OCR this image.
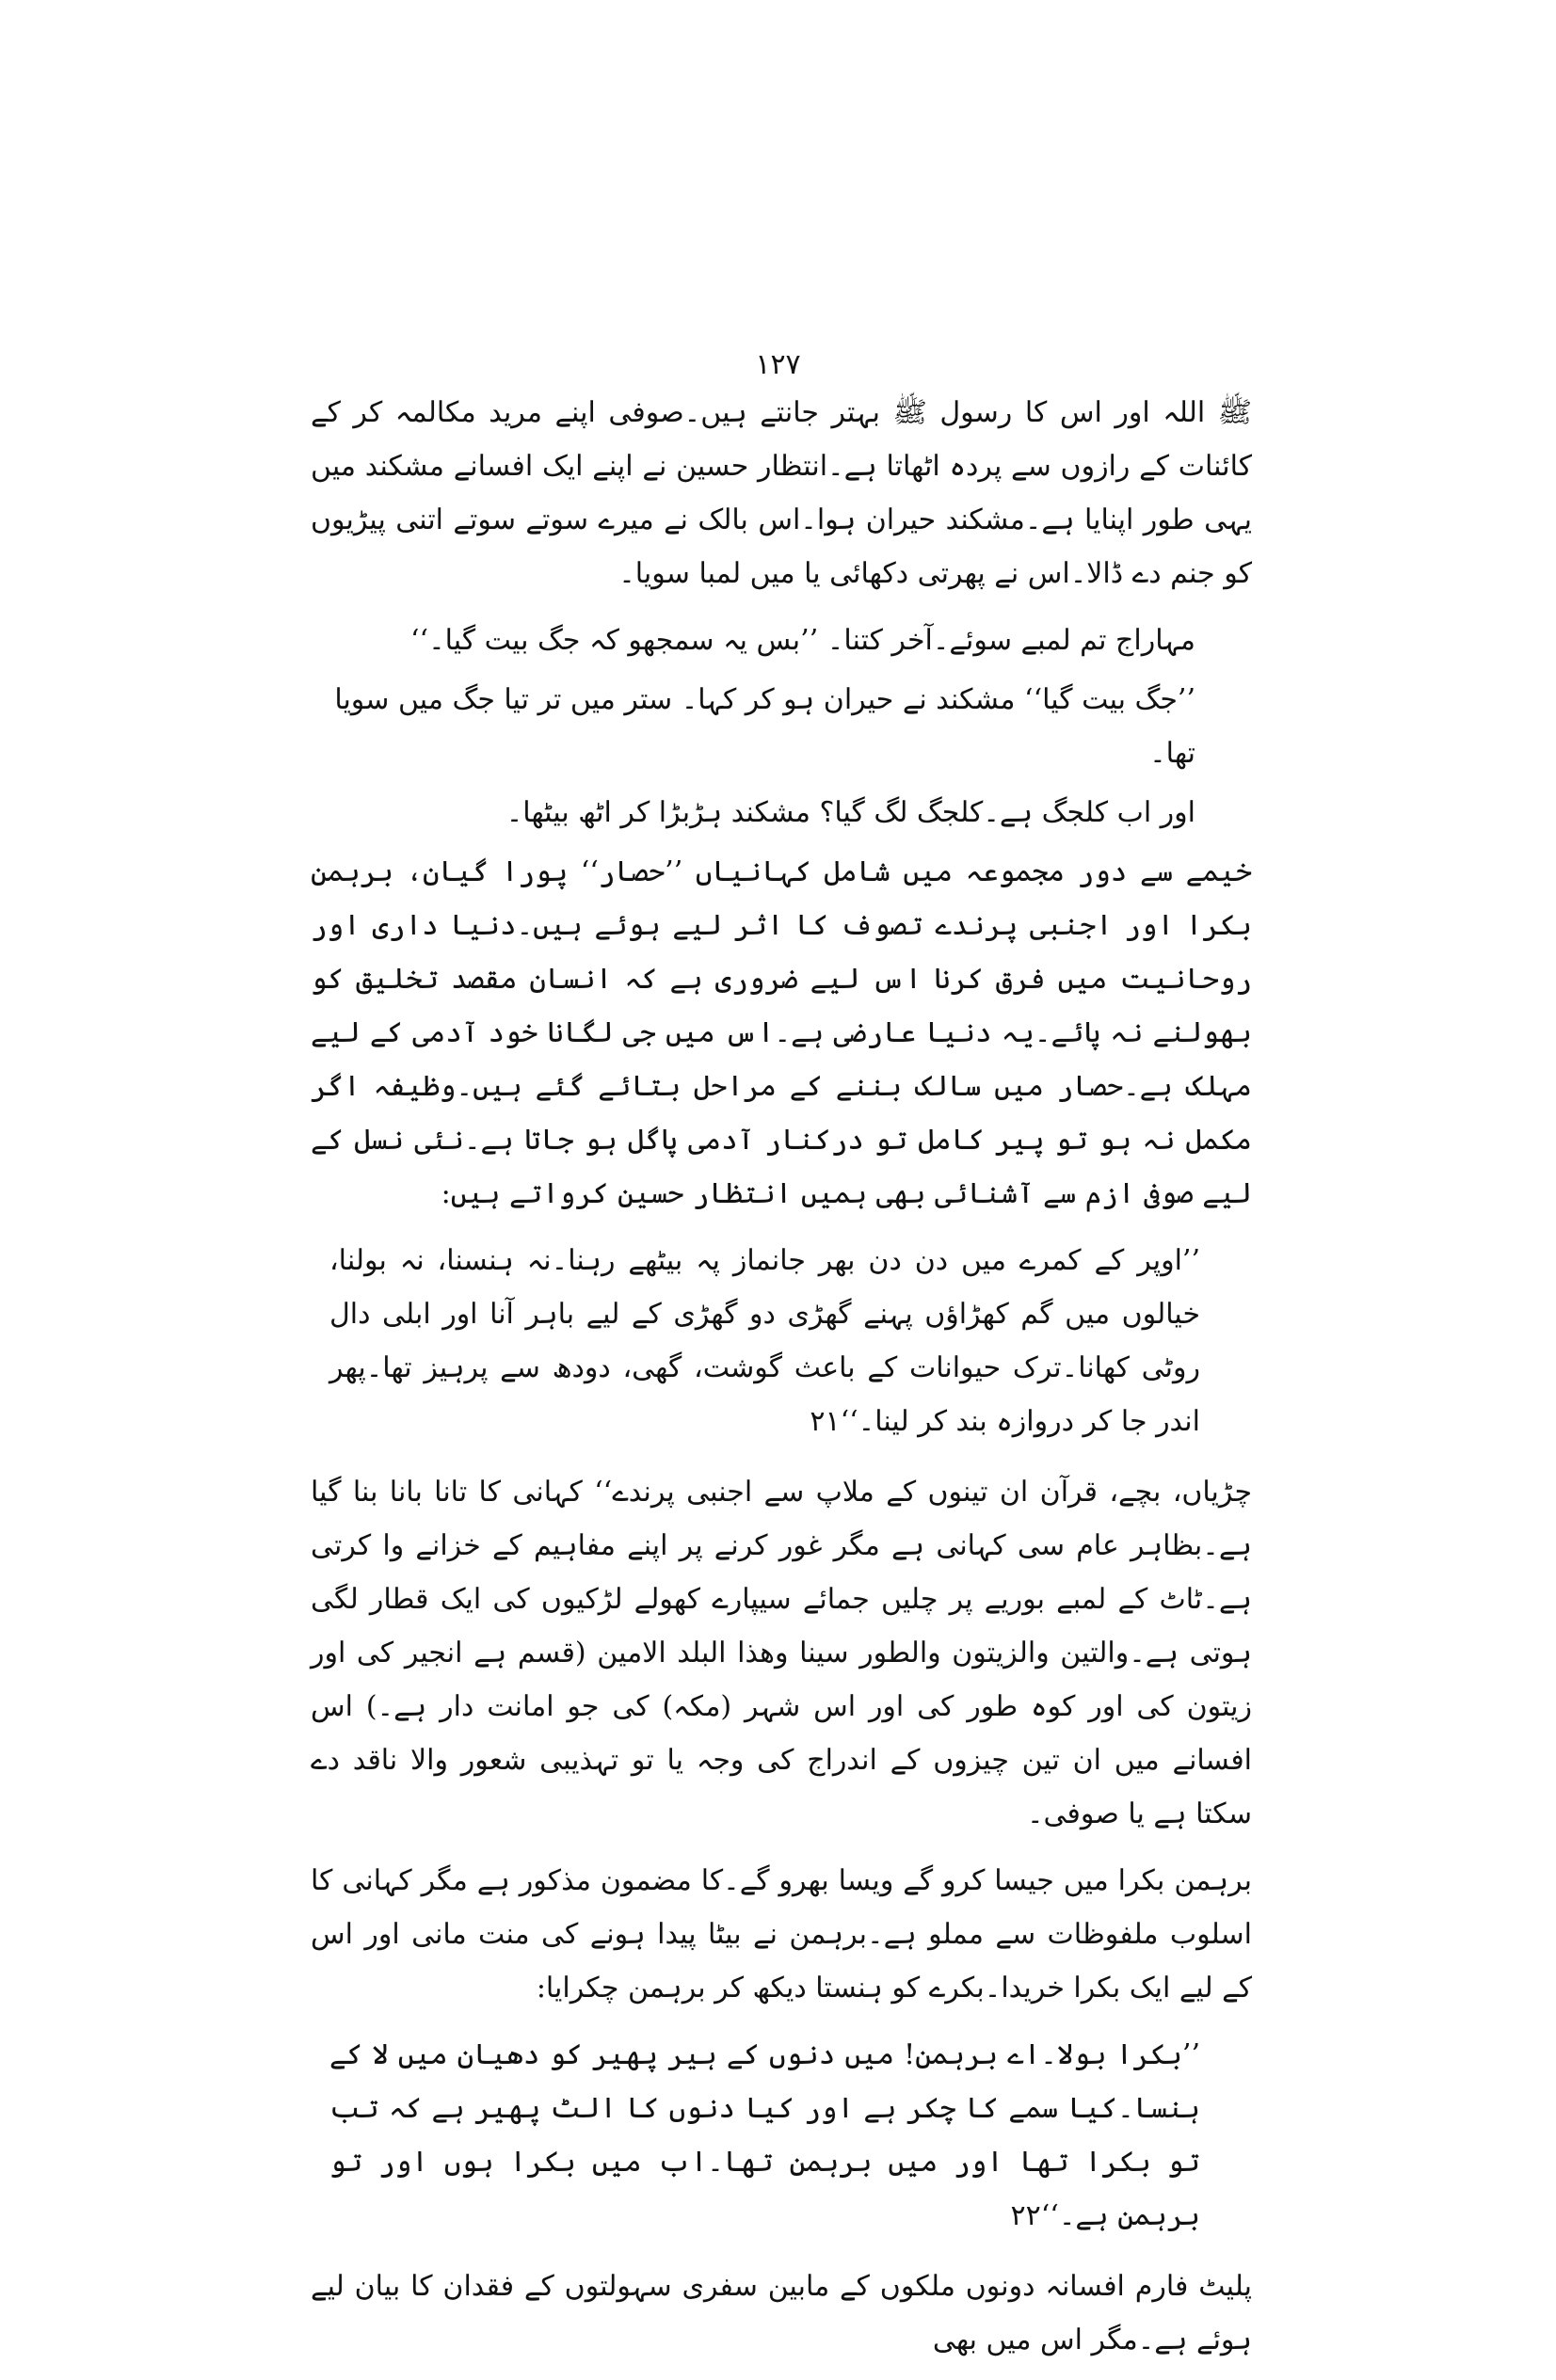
۱۲۷

ﷺ اللہ اور اس کا رسول ﷺ بہتر جانتے ہیں۔صوفی اپنے مرید مکالمہ کر کے کائنات کے رازوں سے پردہ اٹھاتا ہے۔انتظار حسین نے اپنے ایک افسانے مشکند میں یہی طور اپنایا ہے۔مشکند حیران ہوا۔اس بالک نے میرے سوتے سوتے اتنی پیڑیوں کو جنم دے ڈالا۔اس نے پھرتی دکھائی یا میں لمبا سویا۔

مہاراج تم لمبے سوئے۔آخر کتنا۔ ’’بس یہ سمجھو کہ جگ بیت گیا۔‘‘

’’جگ بیت گیا‘‘ مشکند نے حیران ہو کر کہا۔ ستر میں تر تیا جگ میں سویا تھا۔

اور اب کلجگ ہے۔کلجگ لگ گیا؟ مشکند ہڑبڑا کر اٹھ بیٹھا۔

خیمے سے دور مجموعہ میں شامل کہانیاں ’’حصار‘‘ پورا گیان، برہمن بکرا اور اجنبی پرندے تصوف کا اثر لیے ہوئے ہیں۔دنیا داری اور روحانیت میں فرق کرنا اس لیے ضروری ہے کہ انسان مقصد تخلیق کو بھولنے نہ پائے۔یہ دنیا عارضی ہے۔اس میں جی لگانا خود آدمی کے لیے مہلک ہے۔حصار میں سالک بننے کے مراحل بتائے گئے ہیں۔وظیفہ اگر مکمل نہ ہو تو پیر کامل تو درکنار آدمی پاگل ہو جاتا ہے۔نئی نسل کے لیے صوفی ازم سے آشنائی بھی ہمیں انتظار حسین کرواتے ہیں:

’’اوپر کے کمرے میں دن دن بھر جانماز پہ بیٹھے رہنا۔نہ ہنسنا، نہ بولنا، خیالوں میں گم کھڑاؤں پہنے گھڑی دو گھڑی کے لیے باہر آنا اور ابلی دال روٹی کھانا۔ترک حیوانات کے باعث گوشت، گھی، دودھ سے پرہیز تھا۔پھر اندر جا کر دروازہ بند کر لینا۔‘‘۲۱

چڑیاں، بچے، قرآن ان تینوں کے ملاپ سے اجنبی پرندے‘‘ کہانی کا تانا بانا بنا گیا ہے۔بظاہر عام سی کہانی ہے مگر غور کرنے پر اپنے مفاہیم کے خزانے وا کرتی ہے۔ٹاٹ کے لمبے بوریے پر چلیں جمائے سیپارے کھولے لڑکیوں کی ایک قطار لگی ہوتی ہے۔والتین والزیتون والطور سینا وھذا البلد الامین (قسم ہے انجیر کی اور زیتون کی اور کوہ طور کی اور اس شہر (مکہ) کی جو امانت دار ہے۔) اس افسانے میں ان تین چیزوں کے اندراج کی وجہ یا تو تہذیبی شعور والا ناقد دے سکتا ہے یا صوفی۔

برہمن بکرا میں جیسا کرو گے ویسا بھرو گے۔کا مضمون مذکور ہے مگر کہانی کا اسلوب ملفوظات سے مملو ہے۔برہمن نے بیٹا پیدا ہونے کی منت مانی اور اس کے لیے ایک بکرا خریدا۔بکرے کو ہنستا دیکھ کر برہمن چکرایا:

’’بکرا بولا۔اے برہمن! میں دنوں کے ہیر پھیر کو دھیان میں لا کے ہنسا۔کیا سمے کا چکر ہے اور کیا دنوں کا الٹ پھیر ہے کہ تب تو بکرا تھا اور میں برہمن تھا۔اب میں بکرا ہوں اور تو برہمن ہے۔‘‘۲۲

پلیٹ فارم افسانہ دونوں ملکوں کے مابین سفری سہولتوں کے فقدان کا بیان لیے ہوئے ہے۔مگر اس میں بھی
